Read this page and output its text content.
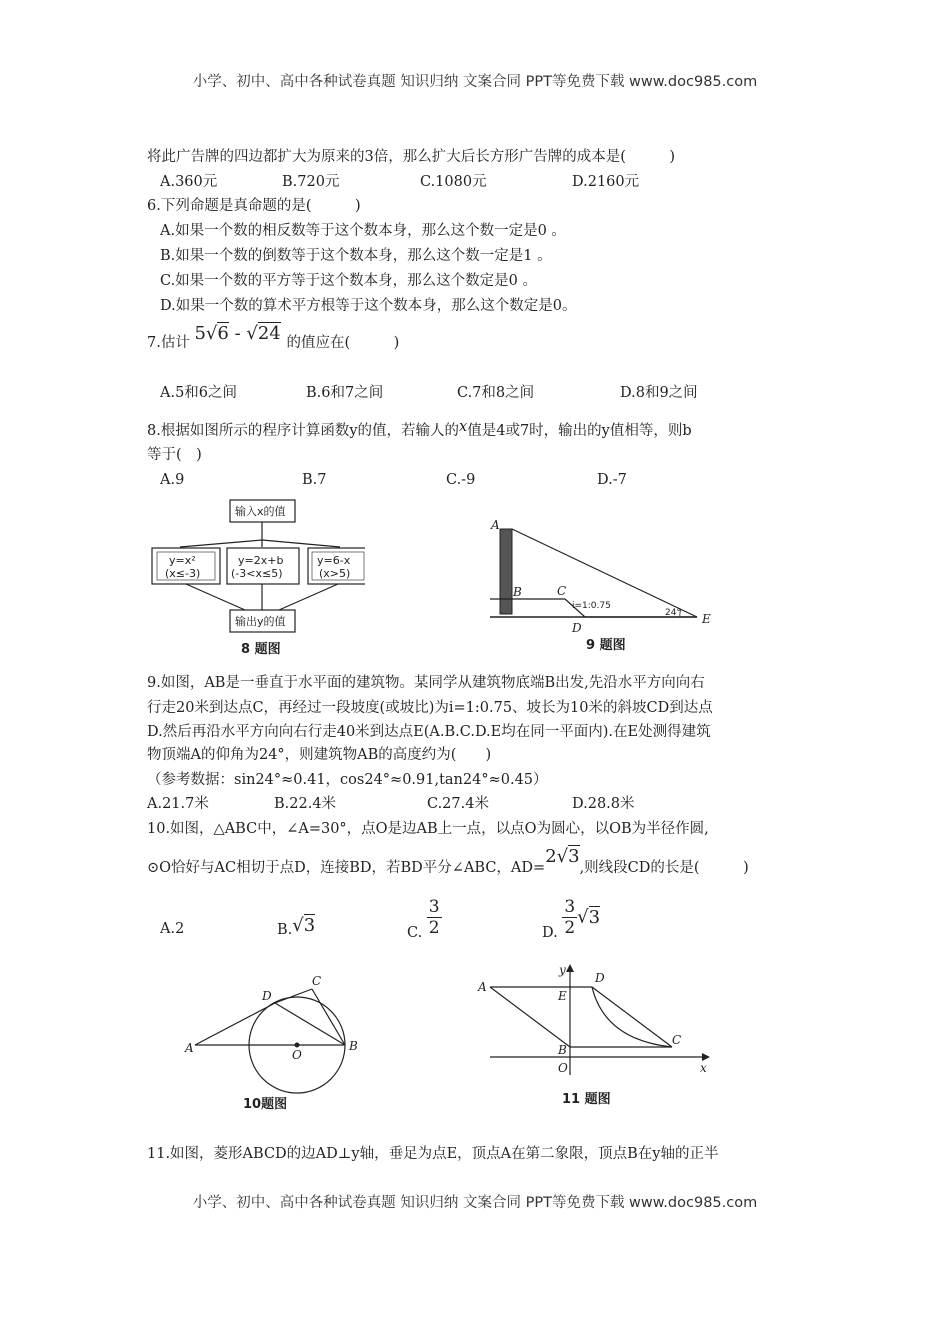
小学、初中、高中各种试卷真题 知识归纳 文案合同 PPT等免费下载 www.doc985.com
将此广告牌的四边都扩大为原来的3倍，那么扩大后长方形广告牌的成本是(　　　)
A.360元	B.720元	C.1080元	D.2160元
6.下列命题是真命题的是(　　　)
A.如果一个数的相反数等于这个数本身，那么这个数一定是0 。
B.如果一个数的倒数等于这个数本身，那么这个数一定是1 。
C.如果一个数的平方等于这个数本身，那么这个数定是0 。
D.如果一个数的算术平方根等于这个数本身，那么这个数定是0。
7.估计 5√6 - √24 的值应在(　　　)
A.5和6之间	B.6和7之间	C.7和8之间	D.8和9之间
8.根据如图所示的程序计算函数y的值，若输人的x值是4或7时，输出的y值相等，则b
等于(　)
A.9	B.7	C.-9	D.-7
输入x的值
y=x²
(x≤-3)
y=2x+b
(-3<x≤5)
y=6-x
(x>5)
输出y的值
8 题图
A
B	C
D
E
i=1:0.75
24°
9 题图
9.如图，AB是一垂直于水平面的建筑物。某同学从建筑物底端B出发,先沿水平方向向右
行走20米到达点C，再经过一段坡度(或坡比)为i=1:0.75、坡长为10米的斜坡CD到达点
D.然后再沿水平方向向右行走40米到达点E(A.B.C.D.E均在同一平面内).在E处测得建筑
物顶端A的仰角为24°，则建筑物AB的高度约为(　　)
（参考数据：sin24°≈0.41，cos24°≈0.91,tan24°≈0.45）
A.21.7米	B.22.4米	C.27.4米	D.28.8米
10.如图，△ABC中，∠A=30°，点O是边AB上一点，以点O为圆心，以OB为半径作圆,
⊙O恰好与AC相切于点D，连接BD，若BD平分∠ABC，AD=2√3,则线段CD的长是(　　　)
A.2	B.√3	C. $\frac{3}{2}$	D. $\frac{3}{2} √3$
A	B
C
D
O
10题图
A
B
C
D
E
O	x
y
11 题图
11.如图，菱形ABCD的边AD⊥y轴，垂足为点E，顶点A在第二象限，顶点B在y轴的正半
小学、初中、高中各种试卷真题 知识归纳 文案合同 PPT等免费下载 www.doc985.com
